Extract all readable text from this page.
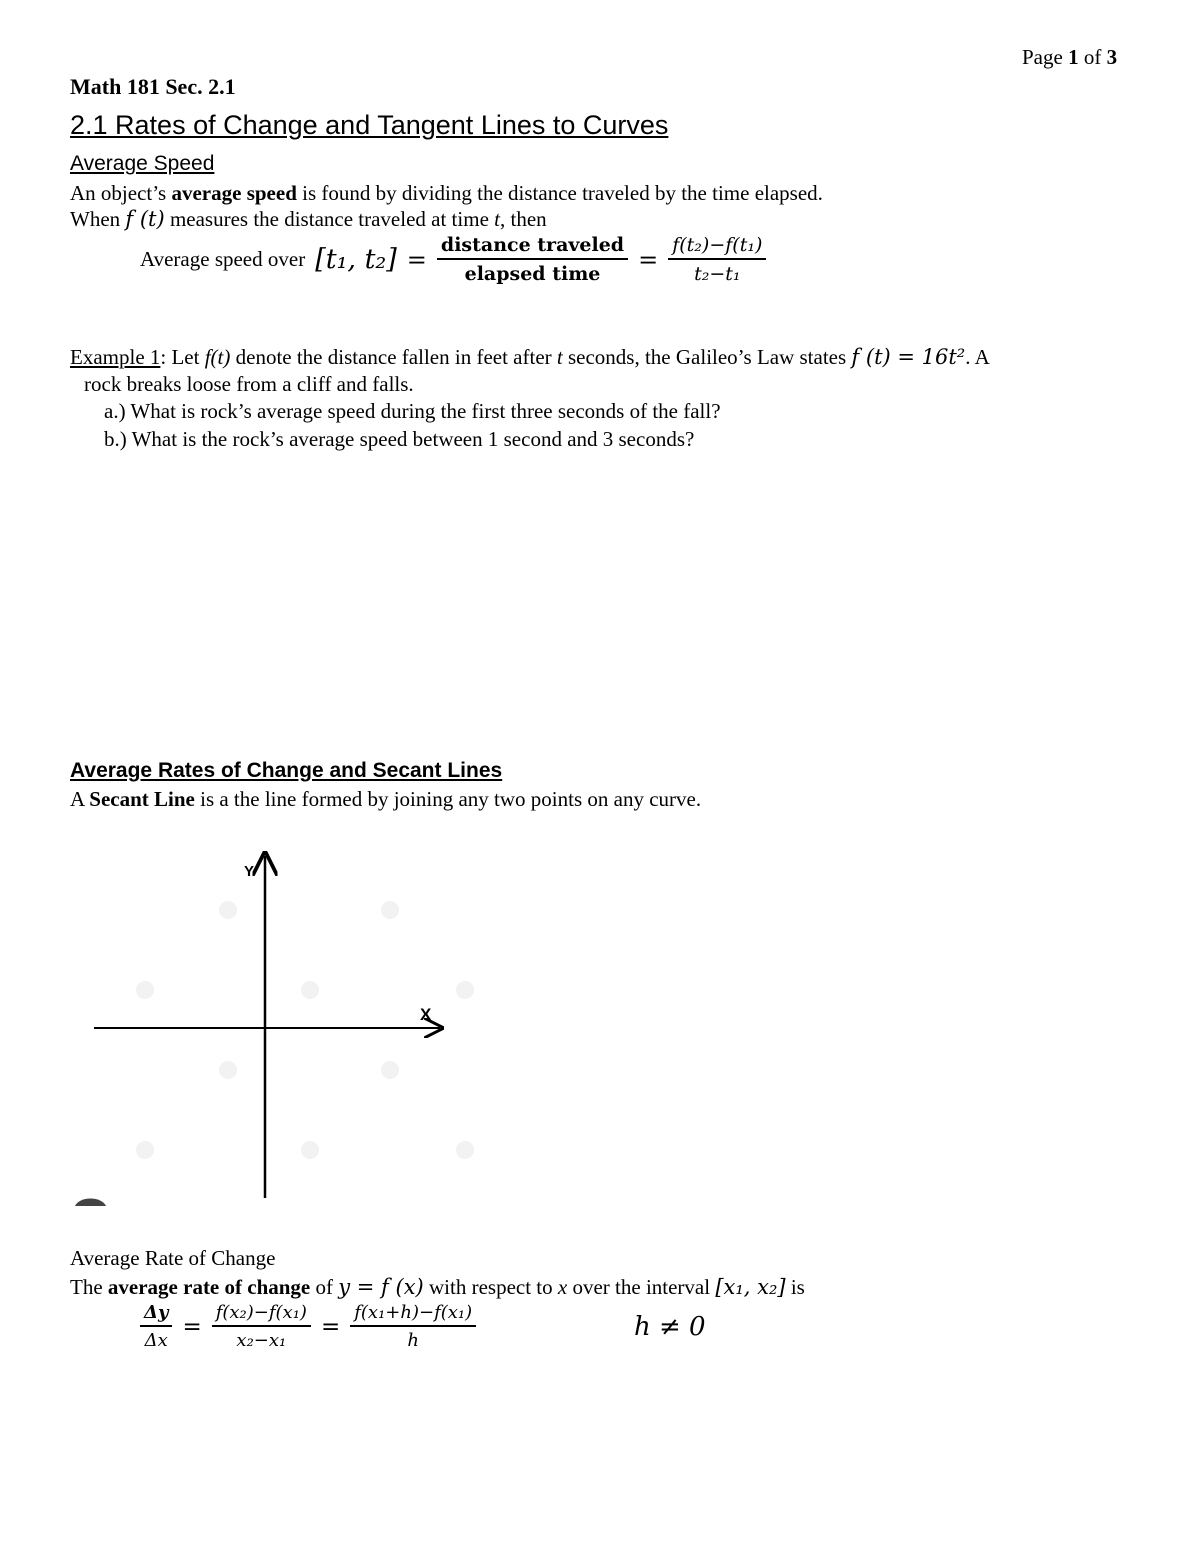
Page 1 of 3
Math 181 Sec. 2.1
2.1 Rates of Change and Tangent Lines to Curves
Average Speed
An object’s average speed is found by dividing the distance traveled by the time elapsed.
When f (t) measures the distance traveled at time t, then
Average speed over [t₁, $t_2] = \frac{\text{distance traveled}}{\text{elapsed time}} = \frac{\text{f(t₂)−f(t₁)}}{\text{t₂−t₁}}$
Example 1: Let f(t) denote the distance fallen in feet after t seconds, the Galileo’s Law states f (t) = 16t². A
rock breaks loose from a cliff and falls.
a.) What is rock’s average speed during the first three seconds of the fall?
b.) What is the rock’s average speed between 1 second and 3 seconds?
Average Rates of Change and Secant Lines
A Secant Line is a the line formed by joining any two points on any curve.
Y
X
Average Rate of Change
The average rate of change of y = f (x) with respect to x over the interval [x₁, x₂] is
$\frac{\Delta y}{\Delta x} = \frac{\text{f(x₂)−f(x₁)}}{\text{x₂−x₁}} = \frac{\text{f(x₁+h)−f(x₁)}}{h}$	h ≠ 0
